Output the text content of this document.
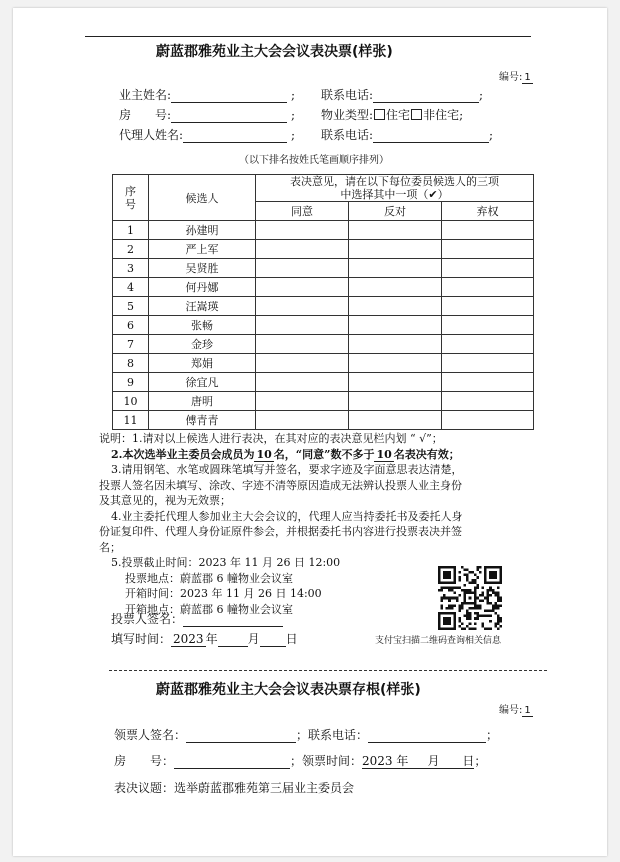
蔚蓝郡雅苑业主大会会议表决票(样张)
编号: 1
业主姓名:	; 联系电话:	;
房　　号:	; 物业类型: 住宅 非住宅;
代理人姓名:	; 联系电话:	;
（以下排名按姓氏笔画顺序排列）
序号	候选人	表决意见，请在以下每位委员候选人的三项
中选择其中一项（✔）		

		同意	反对	弃权
1	孙建明			
2	严上军			
3	吴贤胜			
4	何丹娜			
5	汪嵩瑛			
6	张畅			
7	金珍			
8	郑娟			
9	徐宜凡			
10	唐明			
11	傅青青			

说明：1.请对以上候选人进行表决，在其对应的表决意见栏内划 “ √”；

2.本次选举业主委员会成员为 10 名，“同意”数不多于 10 名表决有效；

3.请用钢笔、水笔或圆珠笔填写并签名，要求字迹及字面意思表达清楚，

投票人签名因未填写、涂改、字迹不清等原因造成无法辨认投票人业主身份

及其意见的，视为无效票；

4.业主委托代理人参加业主大会会议的，代理人应当持委托书及委托人身

份证复印件、代理人身份证原件参会，并根据委托书内容进行投票表决并签

名；

5.投票截止时间：2023 年 11 月 26 日 12:00

投票地点：蔚蓝郡 6 幢物业会议室

开箱时间：2023 年 11 月 26 日 14:00

开箱地点：蔚蓝郡 6 幢物业会议室

投票人签名：
填写时间： 2023 年	月 日	支付宝扫描二维码查询相关信息
蔚蓝郡雅苑业主大会会议表决票存根(样张)
编号: 1
领票人签名：	；联系电话：	；
房　　号：	；领票时间：2023 年 月 日；
表决议题：选举蔚蓝郡雅苑第三届业主委员会
